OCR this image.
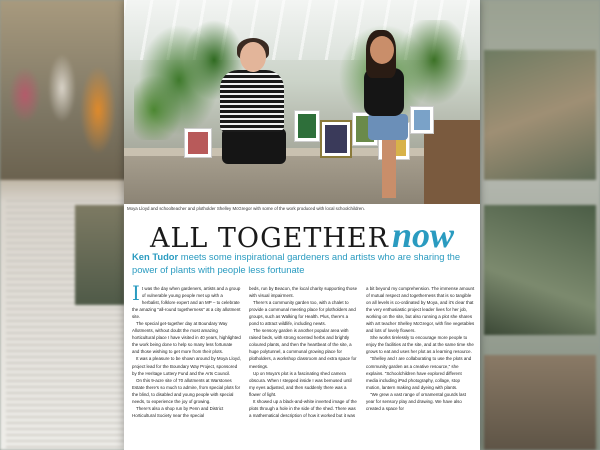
Moya Lloyd and schoolteacher and plotholder Shelley McGregor with some of the work produced with local schoolchildren.
ALL TOGETHERnow
Ken Tudor meets some inspirational gardeners and artists who are sharing the power of plants with people less fortunate

It was the day when gardeners, artists and a group of vulnerable young people met up with a herbalist, folklore expert and an MP – to celebrate the amazing "all-round togetherness" at a city allotment site.

The special get-together day at Boundary Way Allotments, without doubt the most amazing horticultural place I have visited in 40 years, highlighted the work being done to help so many less fortunate and those wishing to get more from their plots.

It was a pleasure to be shown around by Moya Lloyd, project lead for the Boundary Way Project, sponsored by the Heritage Lottery Fund and the Arts Council.

On this 9-acre site of 70 allotments at Warstones Estate there's so much to admire, from special plots for the blind, to disabled and young people with special needs, to experience the joy of growing.

There's also a shop run by Penn and District Horticultural Society near the special

beds, run by Beacon, the local charity supporting those with visual impairment.

There's a community garden too, with a chalet to provide a communal meeting place for plotholders and groups, such as Walking for Health. Plus, there's a pond to attract wildlife, including newts.

The sensory garden is another popular area with raised beds, with strong scented herbs and brightly coloured plants, and then the heartbeat of the site, a huge polytunnel, a communal growing place for plotholders, a workshop classroom and extra space for meetings.

Up on Moya's plot is a fascinating shed camera obscura. When I stepped inside I was bemused until my eyes adjusted, and then suddenly there was a flower of light.

It showed up a black-and-white inverted image of the plots through a hole in the side of the shed. There was a mathematical description of how it worked but it was

a bit beyond my comprehension. The immense amount of mutual respect and togetherness that is so tangible on all levels is co-ordinated by Moya, and it's clear that the very enthusiastic project leader lives for her job, working on the site, but also running a plot she shares with art teacher Shelley McGregor, with fine vegetables and lots of lovely flowers.

She works tirelessly to encourage more people to enjoy the facilities at the site, and at the same time she grows to eat and uses her plot as a learning resource.

"Shelley and I are collaborating to use the plots and community garden as a creative resource," she explains. "Schoolchildren have explored different media including iPad photography, collage, stop motion, lantern making and dyeing with plants.

"We grew a vast range of ornamental gourds last year for sensory play and drawing. We have also created a space for
